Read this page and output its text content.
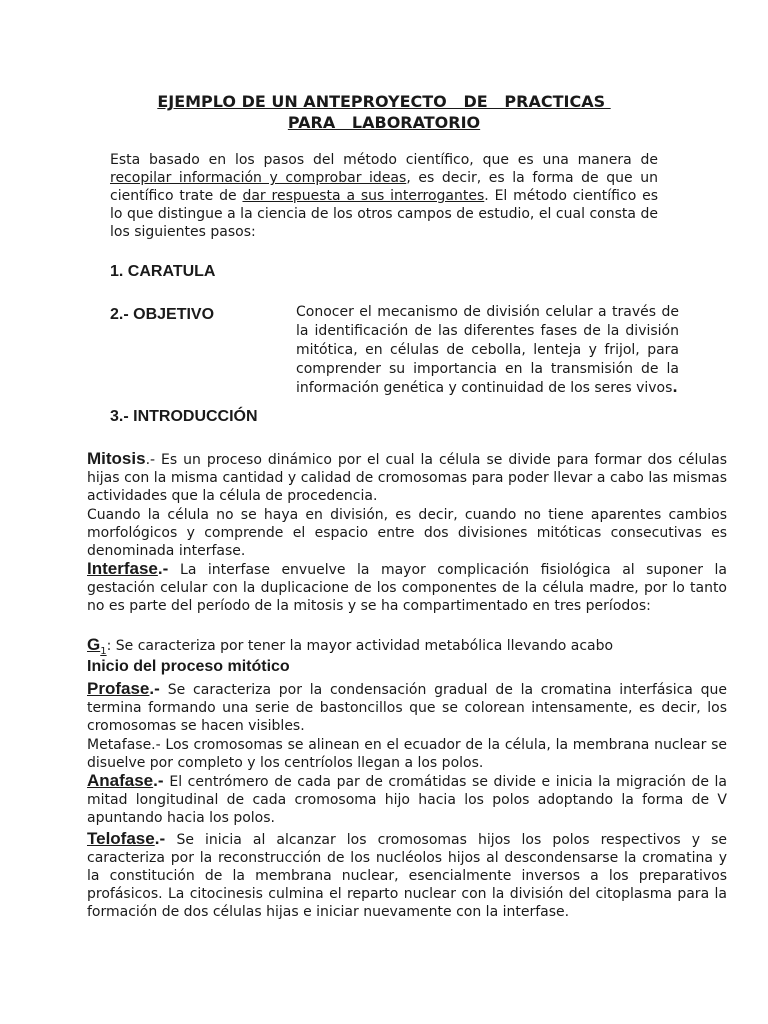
EJEMPLO DE UN ANTEPROYECTO   DE   PRACTICAS
PARA   LABORATORIO
Esta basado en los pasos del método científico, que es una manera de recopilar información y comprobar ideas, es decir, es la forma de que un científico trate de dar respuesta a sus interrogantes. El método científico es lo que distingue a la ciencia de los otros campos de estudio, el cual consta de los siguientes pasos:
1. CARATULA
2.- OBJETIVO
3.- INTRODUCCIÓN
Conocer el mecanismo de división celular a través de la identificación de las diferentes fases de la división mitótica, en células de cebolla, lenteja y frijol, para comprender su importancia en la transmisión de la información genética y continuidad de los seres vivos.
Mitosis.- Es un proceso dinámico por el cual la célula se divide para formar dos células hijas con la misma cantidad y calidad de cromosomas para poder llevar a cabo las mismas actividades que la célula de procedencia.
Cuando la célula no se haya en división, es decir, cuando no tiene aparentes cambios morfológicos y comprende el espacio entre dos divisiones mitóticas consecutivas es denominada interfase.
Interfase.- La interfase envuelve la mayor complicación fisiológica al suponer la gestación celular con la duplicacione de los componentes de la célula madre, por lo tanto no es parte del período de la mitosis y se ha compartimentado en tres períodos:
$G_1$: Se caracteriza por tener la mayor actividad metabólica llevando acabo
Inicio del proceso mitótico
Profase.- Se caracteriza por la condensación gradual de la cromatina interfásica que termina formando una serie de bastoncillos que se colorean intensamente, es decir, los cromosomas se hacen visibles.
Metafase.- Los cromosomas se alinean en el ecuador de la célula, la membrana nuclear se disuelve por completo y los centríolos llegan a los polos.
Anafase.- El centrómero de cada par de cromátidas se divide e inicia la migración de la mitad longitudinal de cada cromosoma hijo hacia los polos adoptando la forma de V apuntando hacia los polos.
Telofase.- Se inicia al alcanzar los cromosomas hijos los polos respectivos y se caracteriza por la reconstrucción de los nucléolos hijos al descondensarse la cromatina y la constitución de la membrana nuclear, esencialmente inversos a los preparativos profásicos. La citocinesis culmina el reparto nuclear con la división del citoplasma para la formación de dos células hijas e iniciar nuevamente con la interfase.
